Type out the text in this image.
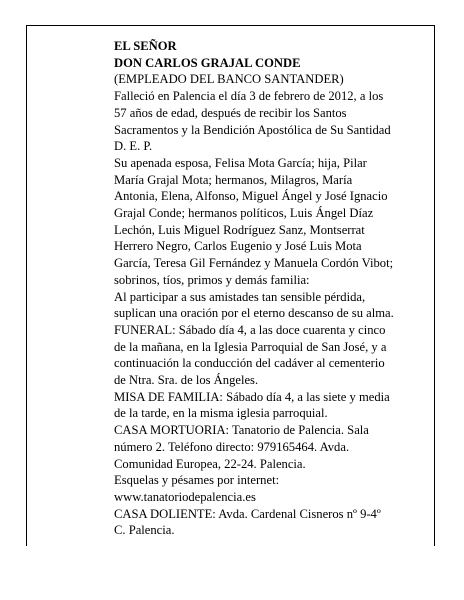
EL SEÑOR
DON CARLOS GRAJAL CONDE
(EMPLEADO DEL BANCO SANTANDER)
Falleció en Palencia el día 3 de febrero de 2012, a los
57 años de edad, después de recibir los Santos
Sacramentos y la Bendición Apostólica de Su Santidad
D. E. P.
Su apenada esposa, Felisa Mota García; hija, Pilar
María Grajal Mota; hermanos, Milagros, María
Antonia, Elena, Alfonso, Miguel Ángel y José Ignacio
Grajal Conde; hermanos políticos, Luis Ángel Díaz
Lechón, Luis Miguel Rodríguez Sanz, Montserrat
Herrero Negro, Carlos Eugenio y José Luis Mota
García, Teresa Gil Fernández y Manuela Cordón Vibot;
sobrinos, tíos, primos y demás familia:
Al participar a sus amistades tan sensible pérdida,
suplican una oración por el eterno descanso de su alma.
FUNERAL: Sábado día 4, a las doce cuarenta y cinco
de la mañana, en la Iglesia Parroquial de San José, y a
continuación la conducción del cadáver al cementerio
de Ntra. Sra. de los Ángeles.
MISA DE FAMILIA: Sábado día 4, a las siete y media
de la tarde, en la misma iglesia parroquial.
CASA MORTUORIA: Tanatorio de Palencia. Sala
número 2. Teléfono directo: 979165464. Avda.
Comunidad Europea, 22-24. Palencia.
Esquelas y pésames por internet:
www.tanatoriodepalencia.es
CASA DOLIENTE: Avda. Cardenal Cisneros nº 9-4º
C. Palencia.
